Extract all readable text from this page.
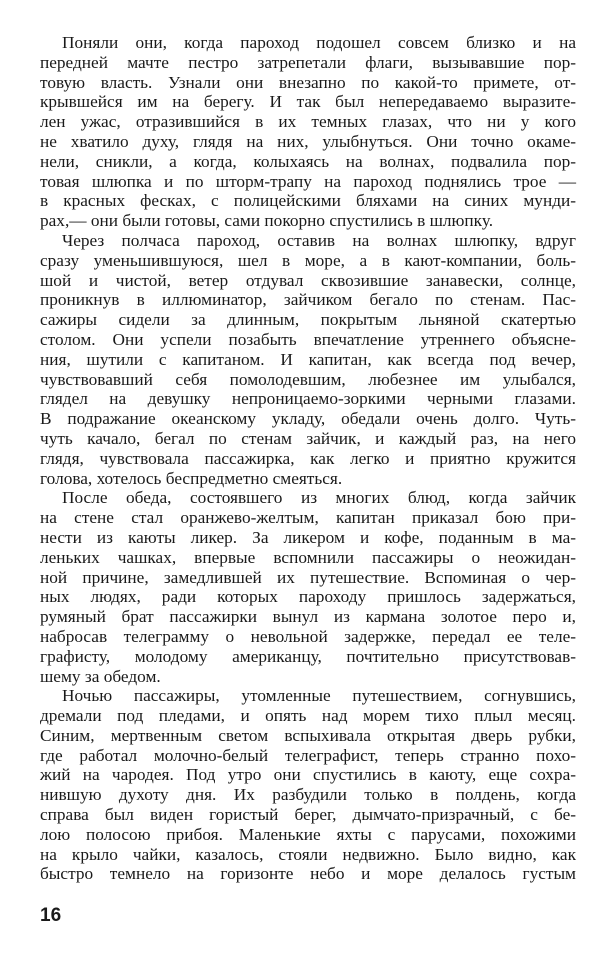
Поняли они, когда пароход подошел совсем близко и на
передней мачте пестро затрепетали флаги, вызывавшие пор-
товую власть. Узнали они внезапно по какой-то примете, от-
крывшейся им на берегу. И так был непередаваемо выразите-
лен ужас, отразившийся в их темных глазах, что ни у кого
не хватило духу, глядя на них, улыбнуться. Они точно окаме-
нели, сникли, а когда, колыхаясь на волнах, подвалила пор-
товая шлюпка и по шторм-трапу на пароход поднялись трое —
в красных фесках, с полицейскими бляхами на синих мунди-
рах,— они были готовы, сами покорно спустились в шлюпку.
Через полчаса пароход, оставив на волнах шлюпку, вдруг
сразу уменьшившуюся, шел в море, а в кают-компании, боль-
шой и чистой, ветер отдувал сквозившие занавески, солнце,
проникнув в иллюминатор, зайчиком бегало по стенам. Пас-
сажиры сидели за длинным, покрытым льняной скатертью
столом. Они успели позабыть впечатление утреннего объясне-
ния, шутили с капитаном. И капитан, как всегда под вечер,
чувствовавший себя помолодевшим, любезнее им улыбался,
глядел на девушку непроницаемо-зоркими черными глазами.
В подражание океанскому укладу, обедали очень долго. Чуть-
чуть качало, бегал по стенам зайчик, и каждый раз, на него
глядя, чувствовала пассажирка, как легко и приятно кружится
голова, хотелось беспредметно смеяться.
После обеда, состоявшего из многих блюд, когда зайчик
на стене стал оранжево-желтым, капитан приказал бою при-
нести из каюты ликер. За ликером и кофе, поданным в ма-
леньких чашках, впервые вспомнили пассажиры о неожидан-
ной причине, замедлившей их путешествие. Вспоминая о чер-
ных людях, ради которых пароходу пришлось задержаться,
румяный брат пассажирки вынул из кармана золотое перо и,
набросав телеграмму о невольной задержке, передал ее теле-
графисту, молодому американцу, почтительно присутствовав-
шему за обедом.
Ночью пассажиры, утомленные путешествием, согнувшись,
дремали под пледами, и опять над морем тихо плыл месяц.
Синим, мертвенным светом вспыхивала открытая дверь рубки,
где работал молочно-белый телеграфист, теперь странно похо-
жий на чародея. Под утро они спустились в каюту, еще сохра-
нившую духоту дня. Их разбудили только в полдень, когда
справа был виден гористый берег, дымчато-призрачный, с бе-
лою полосою прибоя. Маленькие яхты с парусами, похожими
на крыло чайки, казалось, стояли недвижно. Было видно, как
быстро темнело на горизонте небо и море делалось густым
16
